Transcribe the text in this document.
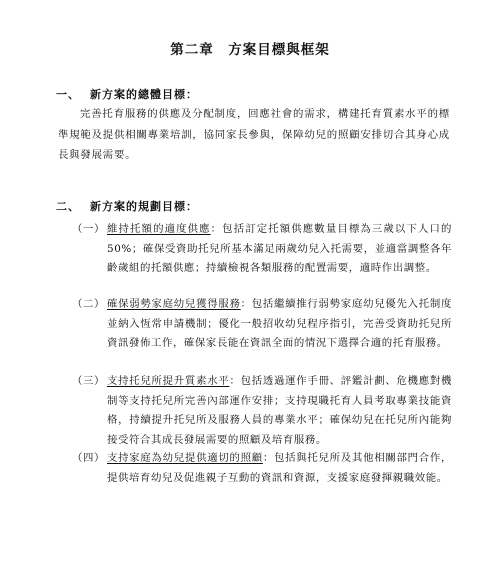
第二章　方案目標與框架
一、 新方案的總體目標：
完善托育服務的供應及分配制度，回應社會的需求，構建托育質素水平的標準規範及提供相關專業培訓，協同家長參與，保障幼兒的照顧安排切合其身心成長與發展需要。
二、 新方案的規劃目標：
（一） 維持托額的適度供應：包括訂定托額供應數量目標為三歲以下人口的 50%；確保受資助托兒所基本滿足兩歲幼兒入托需要，並適當調整各年齡歲組的托額供應；持續檢視各類服務的配置需要，適時作出調整。
（二） 確保弱勢家庭幼兒獲得服務：包括繼續推行弱勢家庭幼兒優先入托制度並納入恆常申請機制；優化一般招收幼兒程序指引，完善受資助托兒所資訊發佈工作，確保家長能在資訊全面的情況下選擇合適的托育服務。
（三） 支持托兒所提升質素水平：包括透過運作手冊、評鑑計劃、危機應對機制等支持托兒所完善內部運作安排；支持現職托育人員考取專業技能資格，持續提升托兒所及服務人員的專業水平；確保幼兒在托兒所內能夠接受符合其成長發展需要的照顧及培育服務。
（四） 支持家庭為幼兒提供適切的照顧：包括與托兒所及其他相關部門合作，提供培育幼兒及促進親子互動的資訊和資源，支援家庭發揮親職效能。
